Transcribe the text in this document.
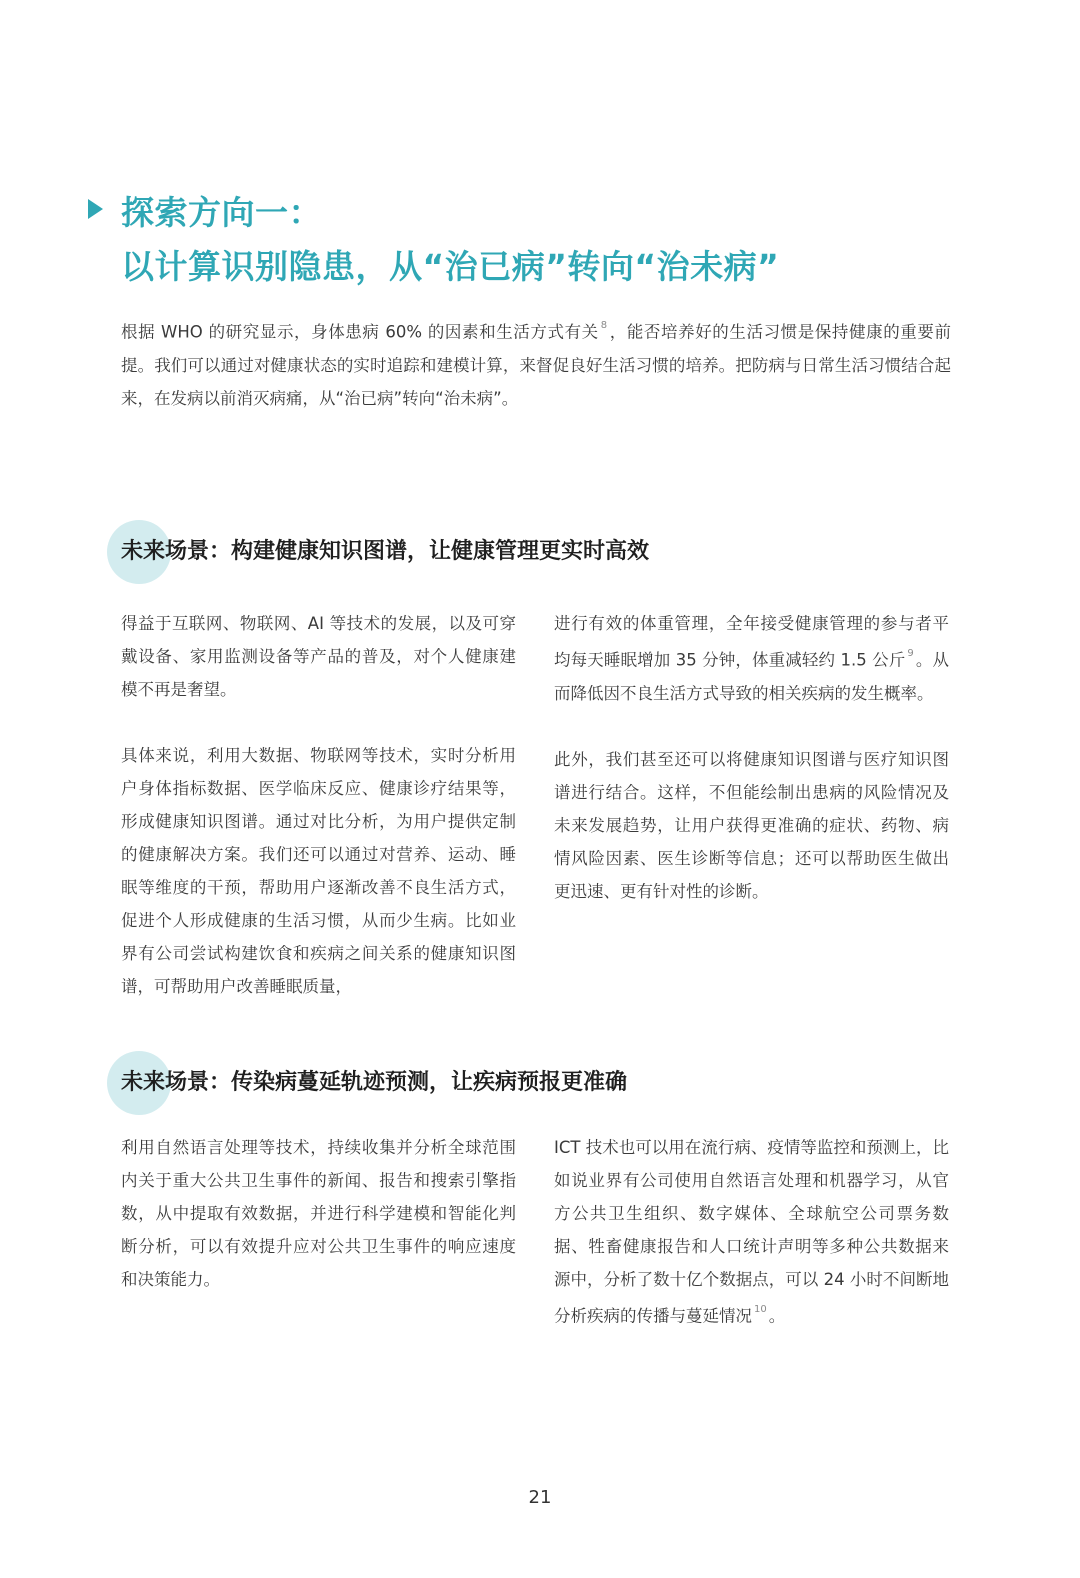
探索方向一：
以计算识别隐患，从“治已病”转向“治未病”
根据 WHO 的研究显示，身体患病 60% 的因素和生活方式有关 $^8$ ，能否培养好的生活习惯是保持健康的重要前提。我们可以通过对健康状态的实时追踪和建模计算，来督促良好生活习惯的培养。把防病与日常生活习惯结合起来，在发病以前消灭病痛，从“治已病”转向“治未病”。
未来场景：构建健康知识图谱，让健康管理更实时高效

得益于互联网、物联网、AI 等技术的发展，以及可穿戴设备、家用监测设备等产品的普及，对个人健康建模不再是奢望。

具体来说，利用大数据、物联网等技术，实时分析用户身体指标数据、医学临床反应、健康诊疗结果等，形成健康知识图谱。通过对比分析，为用户提供定制的健康解决方案。我们还可以通过对营养、运动、睡眠等维度的干预，帮助用户逐渐改善不良生活方式，促进个人形成健康的生活习惯，从而少生病。比如业界有公司尝试构建饮食和疾病之间关系的健康知识图谱，可帮助用户改善睡眠质量，

进行有效的体重管理，全年接受健康管理的参与者平均每天睡眠增加 35 分钟，体重减轻约 1.5 公斤 $^9$ 。从而降低因不良生活方式导致的相关疾病的发生概率。

此外，我们甚至还可以将健康知识图谱与医疗知识图谱进行结合。这样，不但能绘制出患病的风险情况及未来发展趋势，让用户获得更准确的症状、药物、病情风险因素、医生诊断等信息；还可以帮助医生做出更迅速、更有针对性的诊断。

未来场景：传染病蔓延轨迹预测，让疾病预报更准确

利用自然语言处理等技术，持续收集并分析全球范围内关于重大公共卫生事件的新闻、报告和搜索引擎指数，从中提取有效数据，并进行科学建模和智能化判断分析，可以有效提升应对公共卫生事件的响应速度和决策能力。

ICT 技术也可以用在流行病、疫情等监控和预测上，比如说业界有公司使用自然语言处理和机器学习，从官方公共卫生组织、数字媒体、全球航空公司票务数据、牲畜健康报告和人口统计声明等多种公共数据来源中，分析了数十亿个数据点，可以 24 小时不间断地分析疾病的传播与蔓延情况 $^{10}$ 。

21
